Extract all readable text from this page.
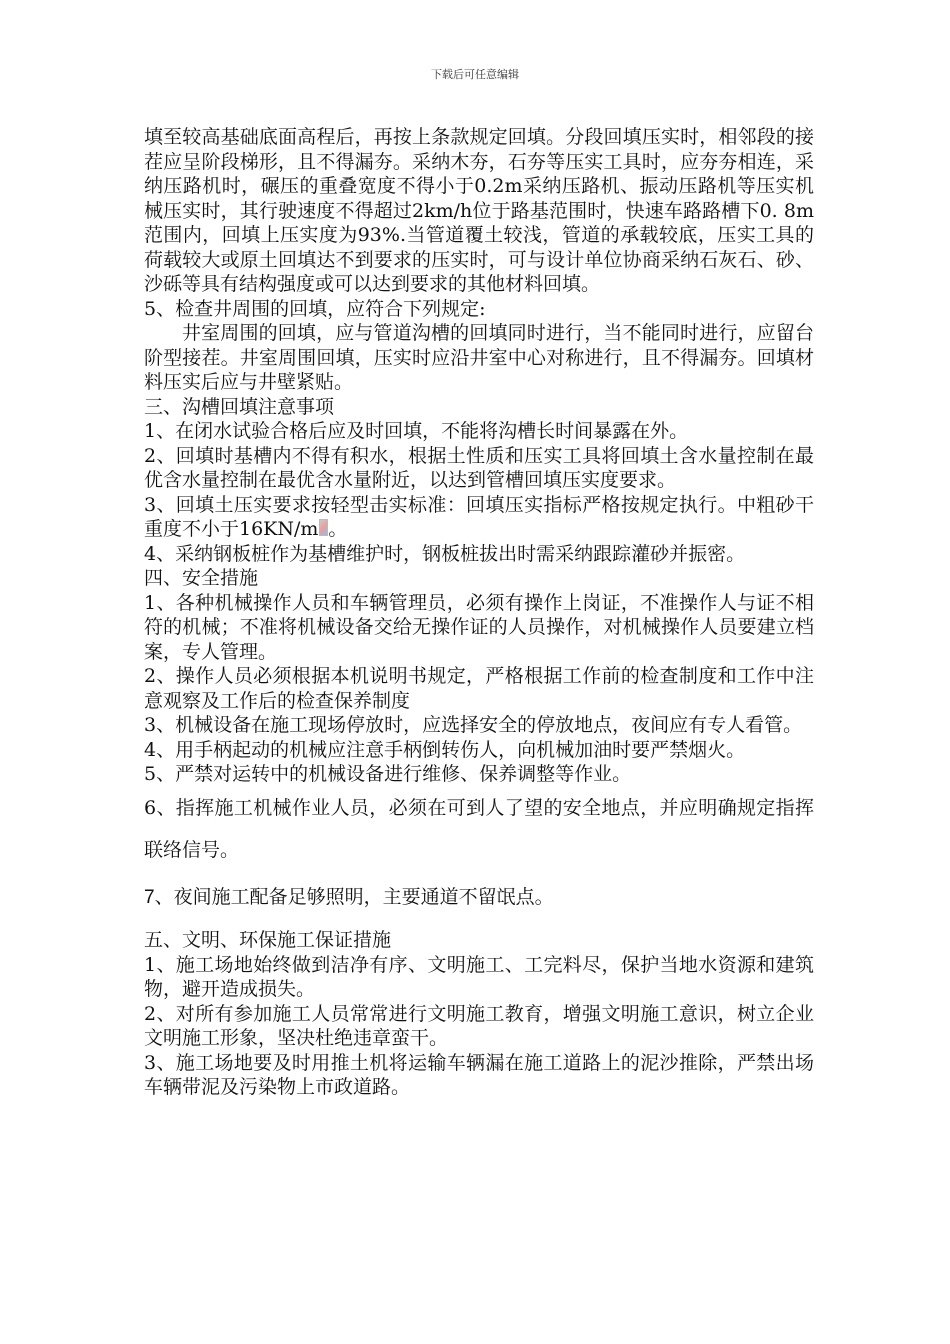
下载后可任意编辑

填至较高基础底面高程后，再按上条款规定回填。分段回填压实时，相邻段的接茬应呈阶段梯形，且不得漏夯。采纳木夯，石夯等压实工具时，应夯夯相连，采纳压路机时，碾压的重叠宽度不得小于0.2m采纳压路机、振动压路机等压实机械压实时，其行驶速度不得超过2km/h位于路基范围时，快速车路路槽下0. 8m范围内，回填上压实度为93%.当管道覆土较浅，管道的承载较底，压实工具的荷载较大或原土回填达不到要求的压实时，可与设计单位协商采纳石灰石、砂、沙砾等具有结构强度或可以达到要求的其他材料回填。

5、检查井周围的回填，应符合下列规定:

井室周围的回填，应与管道沟槽的回填同时进行，当不能同时进行，应留台阶型接茬。井室周围回填，压实时应沿井室中心对称进行，且不得漏夯。回填材料压实后应与井壁紧贴。

三、沟槽回填注意事项

1、在闭水试验合格后应及时回填，不能将沟槽长时间暴露在外。

2、回填时基槽内不得有积水，根据土性质和压实工具将回填土含水量控制在最优含水量控制在最优含水量附近，以达到管槽回填压实度要求。

3、回填土压实要求按轻型击实标准：回填压实指标严格按规定执行。中粗砂干重度不小于16KN/m 。

4、采纳钢板桩作为基槽维护时，钢板桩拔出时需采纳跟踪灌砂并振密。

四、安全措施

1、各种机械操作人员和车辆管理员，必须有操作上岗证，不准操作人与证不相符的机械；不准将机械设备交给无操作证的人员操作，对机械操作人员要建立档案，专人管理。

2、操作人员必须根据本机说明书规定，严格根据工作前的检查制度和工作中注意观察及工作后的检查保养制度

3、机械设备在施工现场停放时，应选择安全的停放地点，夜间应有专人看管。

4、用手柄起动的机械应注意手柄倒转伤人，向机械加油时要严禁烟火。

5、严禁对运转中的机械设备进行维修、保养调整等作业。

6、指挥施工机械作业人员，必须在可到人了望的安全地点，并应明确规定指挥联络信号。

7、夜间施工配备足够照明，主要通道不留氓点。

五、文明、环保施工保证措施

1、施工场地始终做到洁净有序、文明施工、工完料尽，保护当地水资源和建筑物，避开造成损失。

2、对所有参加施工人员常常进行文明施工教育，增强文明施工意识，树立企业文明施工形象，坚决杜绝违章蛮干。

3、施工场地要及时用推土机将运输车辆漏在施工道路上的泥沙推除，严禁出场车辆带泥及污染物上市政道路。
